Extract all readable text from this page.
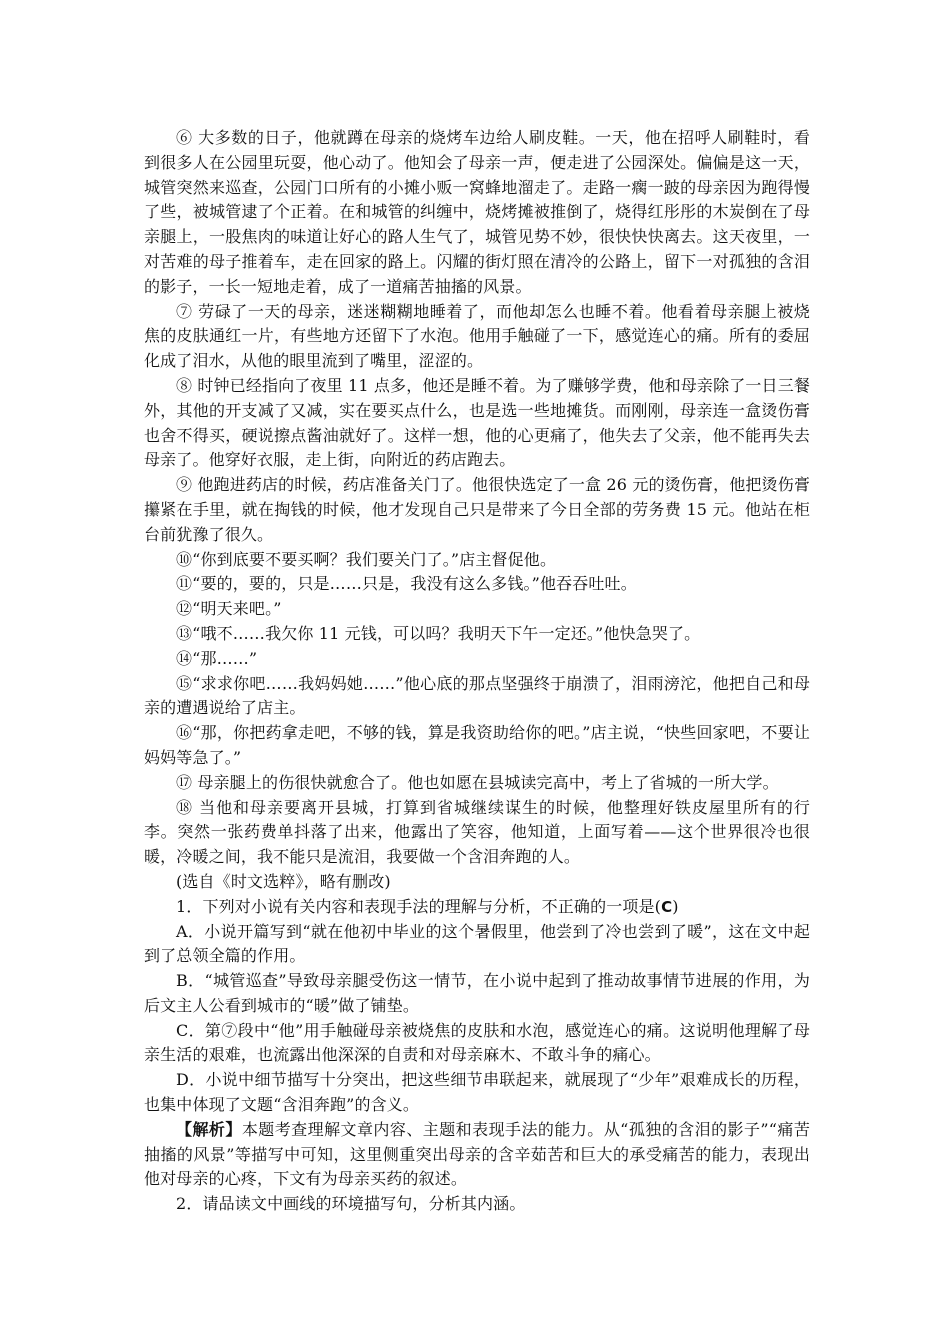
⑥ 大多数的日子，他就蹲在母亲的烧烤车边给人刷皮鞋。一天，他在招呼人刷鞋时，看到很多人在公园里玩耍，他心动了。他知会了母亲一声，便走进了公园深处。偏偏是这一天，城管突然来巡查，公园门口所有的小摊小贩一窝蜂地溜走了。走路一瘸一跛的母亲因为跑得慢了些，被城管逮了个正着。在和城管的纠缠中，烧烤摊被推倒了，烧得红彤彤的木炭倒在了母亲腿上，一股焦肉的味道让好心的路人生气了，城管见势不妙，很快快快离去。这天夜里，一对苦难的母子推着车，走在回家的路上。闪耀的街灯照在清冷的公路上，留下一对孤独的含泪的影子，一长一短地走着，成了一道痛苦抽搐的风景。

⑦ 劳碌了一天的母亲，迷迷糊糊地睡着了，而他却怎么也睡不着。他看着母亲腿上被烧焦的皮肤通红一片，有些地方还留下了水泡。他用手触碰了一下，感觉连心的痛。所有的委屈化成了泪水，从他的眼里流到了嘴里，涩涩的。

⑧ 时钟已经指向了夜里 11 点多，他还是睡不着。为了赚够学费，他和母亲除了一日三餐外，其他的开支减了又减，实在要买点什么，也是选一些地摊货。而刚刚，母亲连一盒烫伤膏也舍不得买，硬说擦点酱油就好了。这样一想，他的心更痛了，他失去了父亲，他不能再失去母亲了。他穿好衣服，走上街，向附近的药店跑去。

⑨ 他跑进药店的时候，药店准备关门了。他很快选定了一盒 26 元的烫伤膏，他把烫伤膏攥紧在手里，就在掏钱的时候，他才发现自己只是带来了今日全部的劳务费 15 元。他站在柜台前犹豫了很久。

⑩“你到底要不要买啊？我们要关门了。”店主督促他。

⑪“要的，要的，只是……只是，我没有这么多钱。”他吞吞吐吐。

⑫“明天来吧。”

⑬“哦不……我欠你 11 元钱，可以吗？我明天下午一定还。”他快急哭了。

⑭“那……”

⑮“求求你吧……我妈妈她……”他心底的那点坚强终于崩溃了，泪雨滂沱，他把自己和母亲的遭遇说给了店主。

⑯“那，你把药拿走吧，不够的钱，算是我资助给你的吧。”店主说，“快些回家吧，不要让妈妈等急了。”

⑰ 母亲腿上的伤很快就愈合了。他也如愿在县城读完高中，考上了省城的一所大学。

⑱ 当他和母亲要离开县城，打算到省城继续谋生的时候，他整理好铁皮屋里所有的行李。突然一张药费单抖落了出来，他露出了笑容，他知道，上面写着——这个世界很冷也很暖，冷暖之间，我不能只是流泪，我要做一个含泪奔跑的人。

(选自《时文选粹》，略有删改)

1．下列对小说有关内容和表现手法的理解与分析，不正确的一项是(C)

A．小说开篇写到“就在他初中毕业的这个暑假里，他尝到了冷也尝到了暖”，这在文中起到了总领全篇的作用。

B．“城管巡查”导致母亲腿受伤这一情节，在小说中起到了推动故事情节进展的作用，为后文主人公看到城市的“暖”做了铺垫。

C．第⑦段中“他”用手触碰母亲被烧焦的皮肤和水泡，感觉连心的痛。这说明他理解了母亲生活的艰难，也流露出他深深的自责和对母亲麻木、不敢斗争的痛心。

D．小说中细节描写十分突出，把这些细节串联起来，就展现了“少年”艰难成长的历程，也集中体现了文题“含泪奔跑”的含义。

【解析】本题考查理解文章内容、主题和表现手法的能力。从“孤独的含泪的影子”“痛苦抽搐的风景”等描写中可知，这里侧重突出母亲的含辛茹苦和巨大的承受痛苦的能力，表现出他对母亲的心疼，下文有为母亲买药的叙述。

2．请品读文中画线的环境描写句，分析其内涵。
